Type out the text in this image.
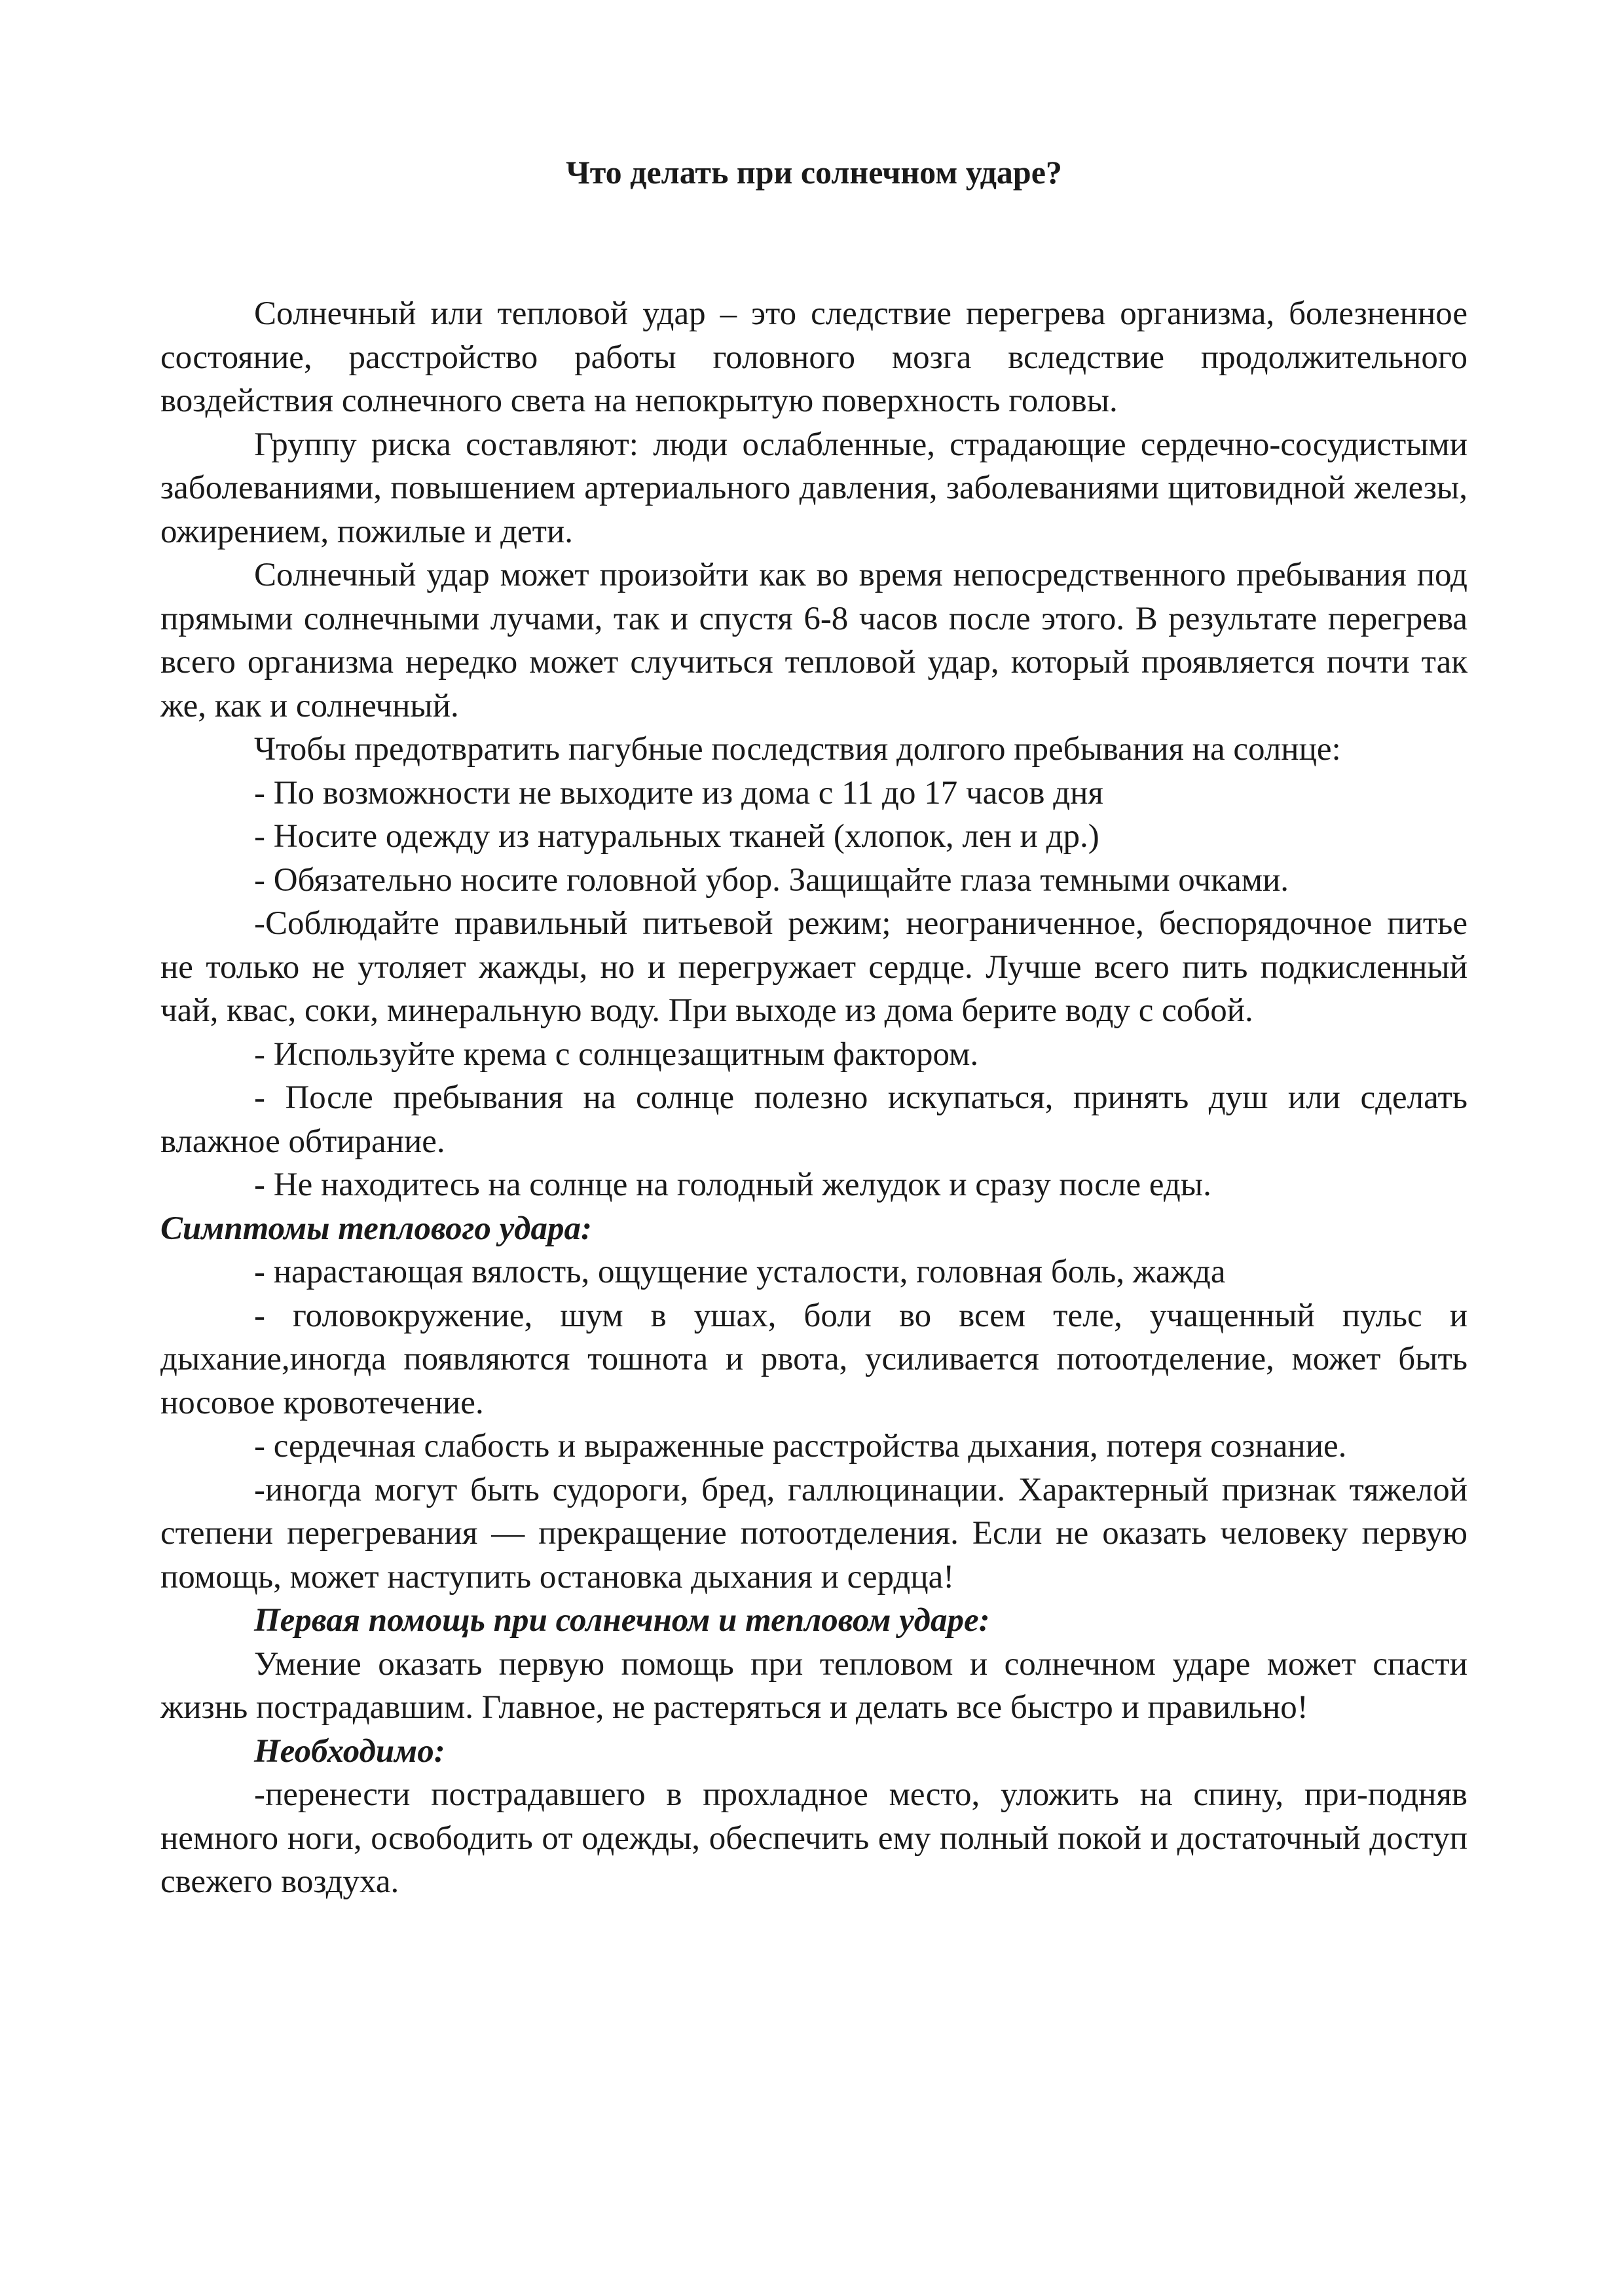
Что делать при солнечном ударе?

Солнечный или тепловой удар – это следствие перегрева организма, болезненное состояние, расстройство работы головного мозга вследствие продолжительного воздействия солнечного света на непокрытую поверхность головы.

Группу риска составляют: люди ослабленные, страдающие сердечно-сосудистыми заболеваниями, повышением артериального давления, заболеваниями щитовидной железы, ожирением, пожилые и дети.

Солнечный удар может произойти как во время непосредственного пребывания под прямыми солнечными лучами, так и спустя 6-8 часов после этого. В результате перегрева всего организма нередко может случиться тепловой удар, который проявляется почти так же, как и солнечный.

Чтобы предотвратить пагубные последствия долгого пребывания на солнце:

- По возможности не выходите из дома с 11 до 17 часов дня

- Носите одежду из натуральных тканей (хлопок, лен и др.)

- Обязательно носите головной убор. Защищайте глаза темными очками.

-Соблюдайте правильный питьевой режим; неограниченное, беспорядочное питье не только не утоляет жажды, но и перегружает сердце. Лучше всего пить подкисленный чай, квас, соки, минеральную воду. При выходе из дома берите воду с собой.

- Используйте крема с солнцезащитным фактором.

- После пребывания на солнце полезно искупаться, принять душ или сделать влажное обтирание.

- Не находитесь на солнце на голодный желудок и сразу после еды.

Симптомы теплового удара:

- нарастающая вялость, ощущение усталости, головная боль, жажда

- головокружение, шум в ушах, боли во всем теле, учащенный пульс и дыхание,иногда появляются тошнота и рвота, усиливается потоотделение, может быть носовое кровотечение.

- сердечная слабость и выраженные расстройства дыхания, потеря сознание.

-иногда могут быть судороги, бред, галлюцинации. Характерный признак тяжелой степени перегревания — прекращение потоотделения. Если не оказать человеку первую помощь, может наступить остановка дыхания и сердца!

Первая помощь при солнечном и тепловом ударе:

Умение оказать первую помощь при тепловом и солнечном ударе может спасти жизнь пострадавшим. Главное, не растеряться и делать все быстро и правильно!

Необходимо:

-перенести пострадавшего в прохладное место, уложить на спину, при-подняв немного ноги, освободить от одежды, обеспечить ему полный покой и достаточный доступ свежего воздуха.
